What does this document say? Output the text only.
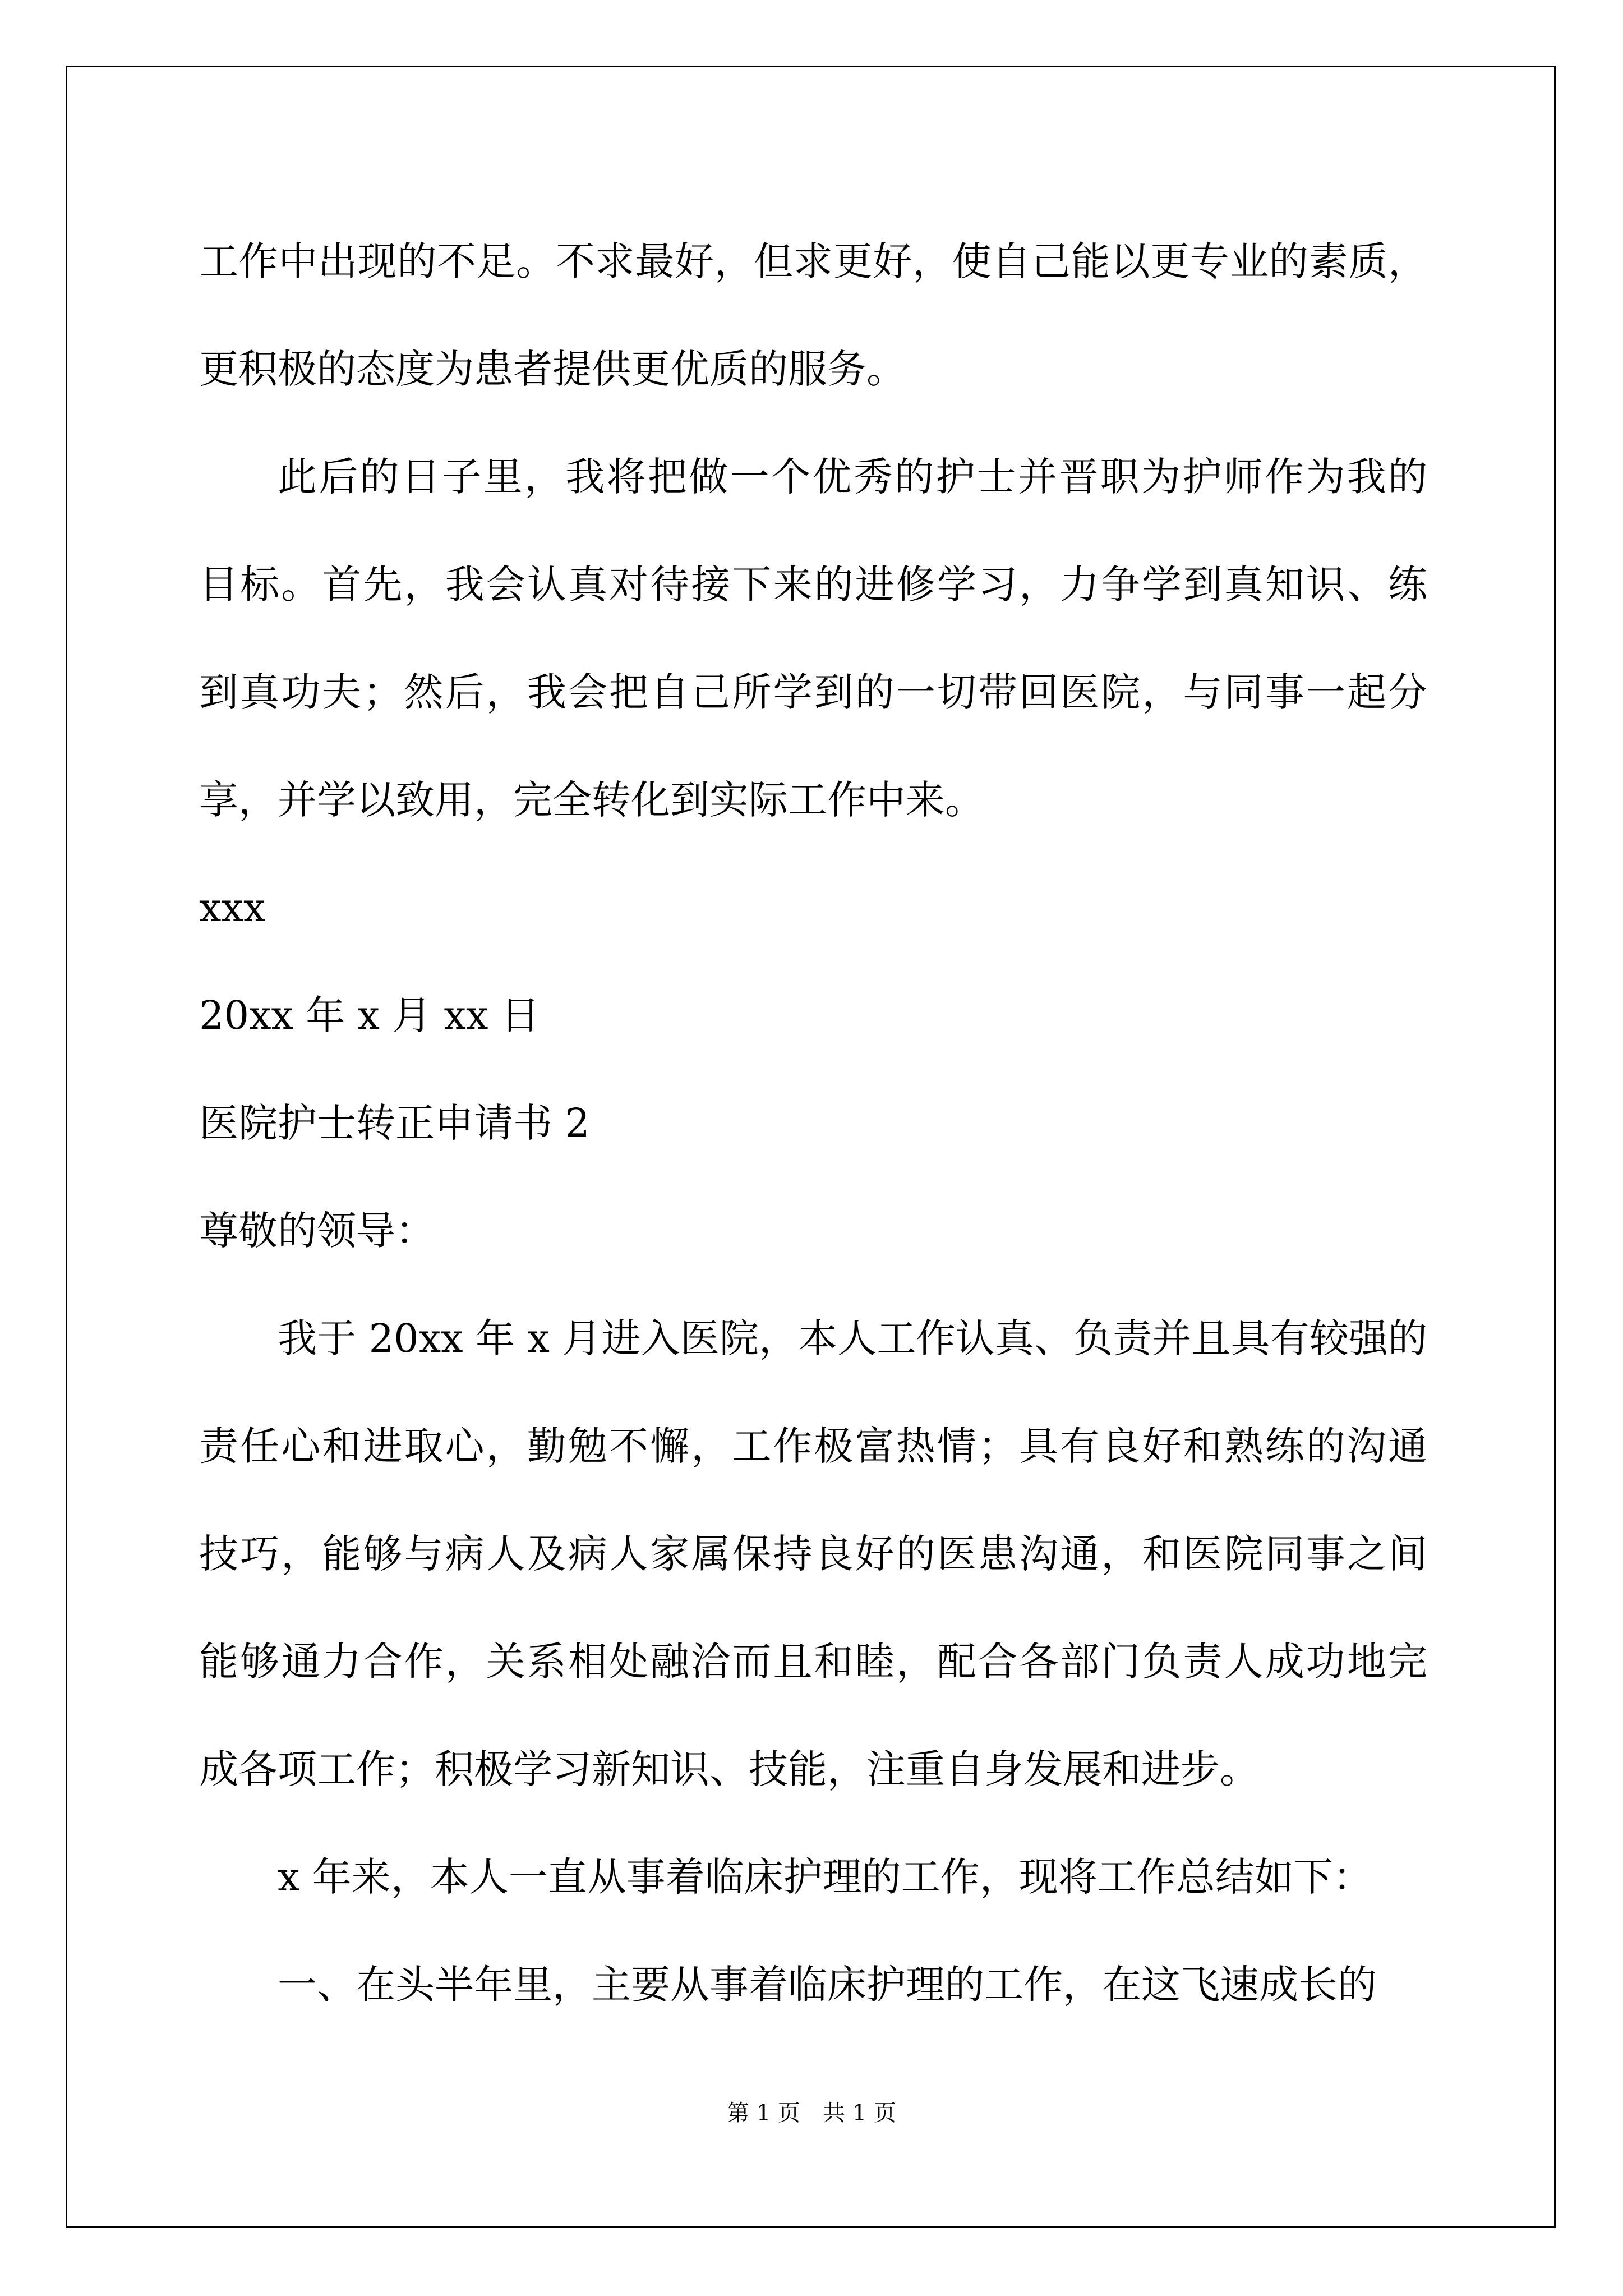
工作中出现的不足。不求最好，但求更好，使自己能以更专业的素质，
更积极的态度为患者提供更优质的服务。
此后的日子里，我将把做一个优秀的护士并晋职为护师作为我的
目标。首先，我会认真对待接下来的进修学习，力争学到真知识、练
到真功夫；然后，我会把自己所学到的一切带回医院，与同事一起分
享，并学以致用，完全转化到实际工作中来。
xxx
20xx 年 x 月 xx 日
医院护士转正申请书 2
尊敬的领导：
我于 20xx 年 x 月进入医院，本人工作认真、负责并且具有较强的
责任心和进取心，勤勉不懈，工作极富热情；具有良好和熟练的沟通
技巧，能够与病人及病人家属保持良好的医患沟通，和医院同事之间
能够通力合作，关系相处融洽而且和睦，配合各部门负责人成功地完
成各项工作；积极学习新知识、技能，注重自身发展和进步。
x 年来，本人一直从事着临床护理的工作，现将工作总结如下：
一、在头半年里，主要从事着临床护理的工作，在这飞速成长的
第 1 页 共 1 页
